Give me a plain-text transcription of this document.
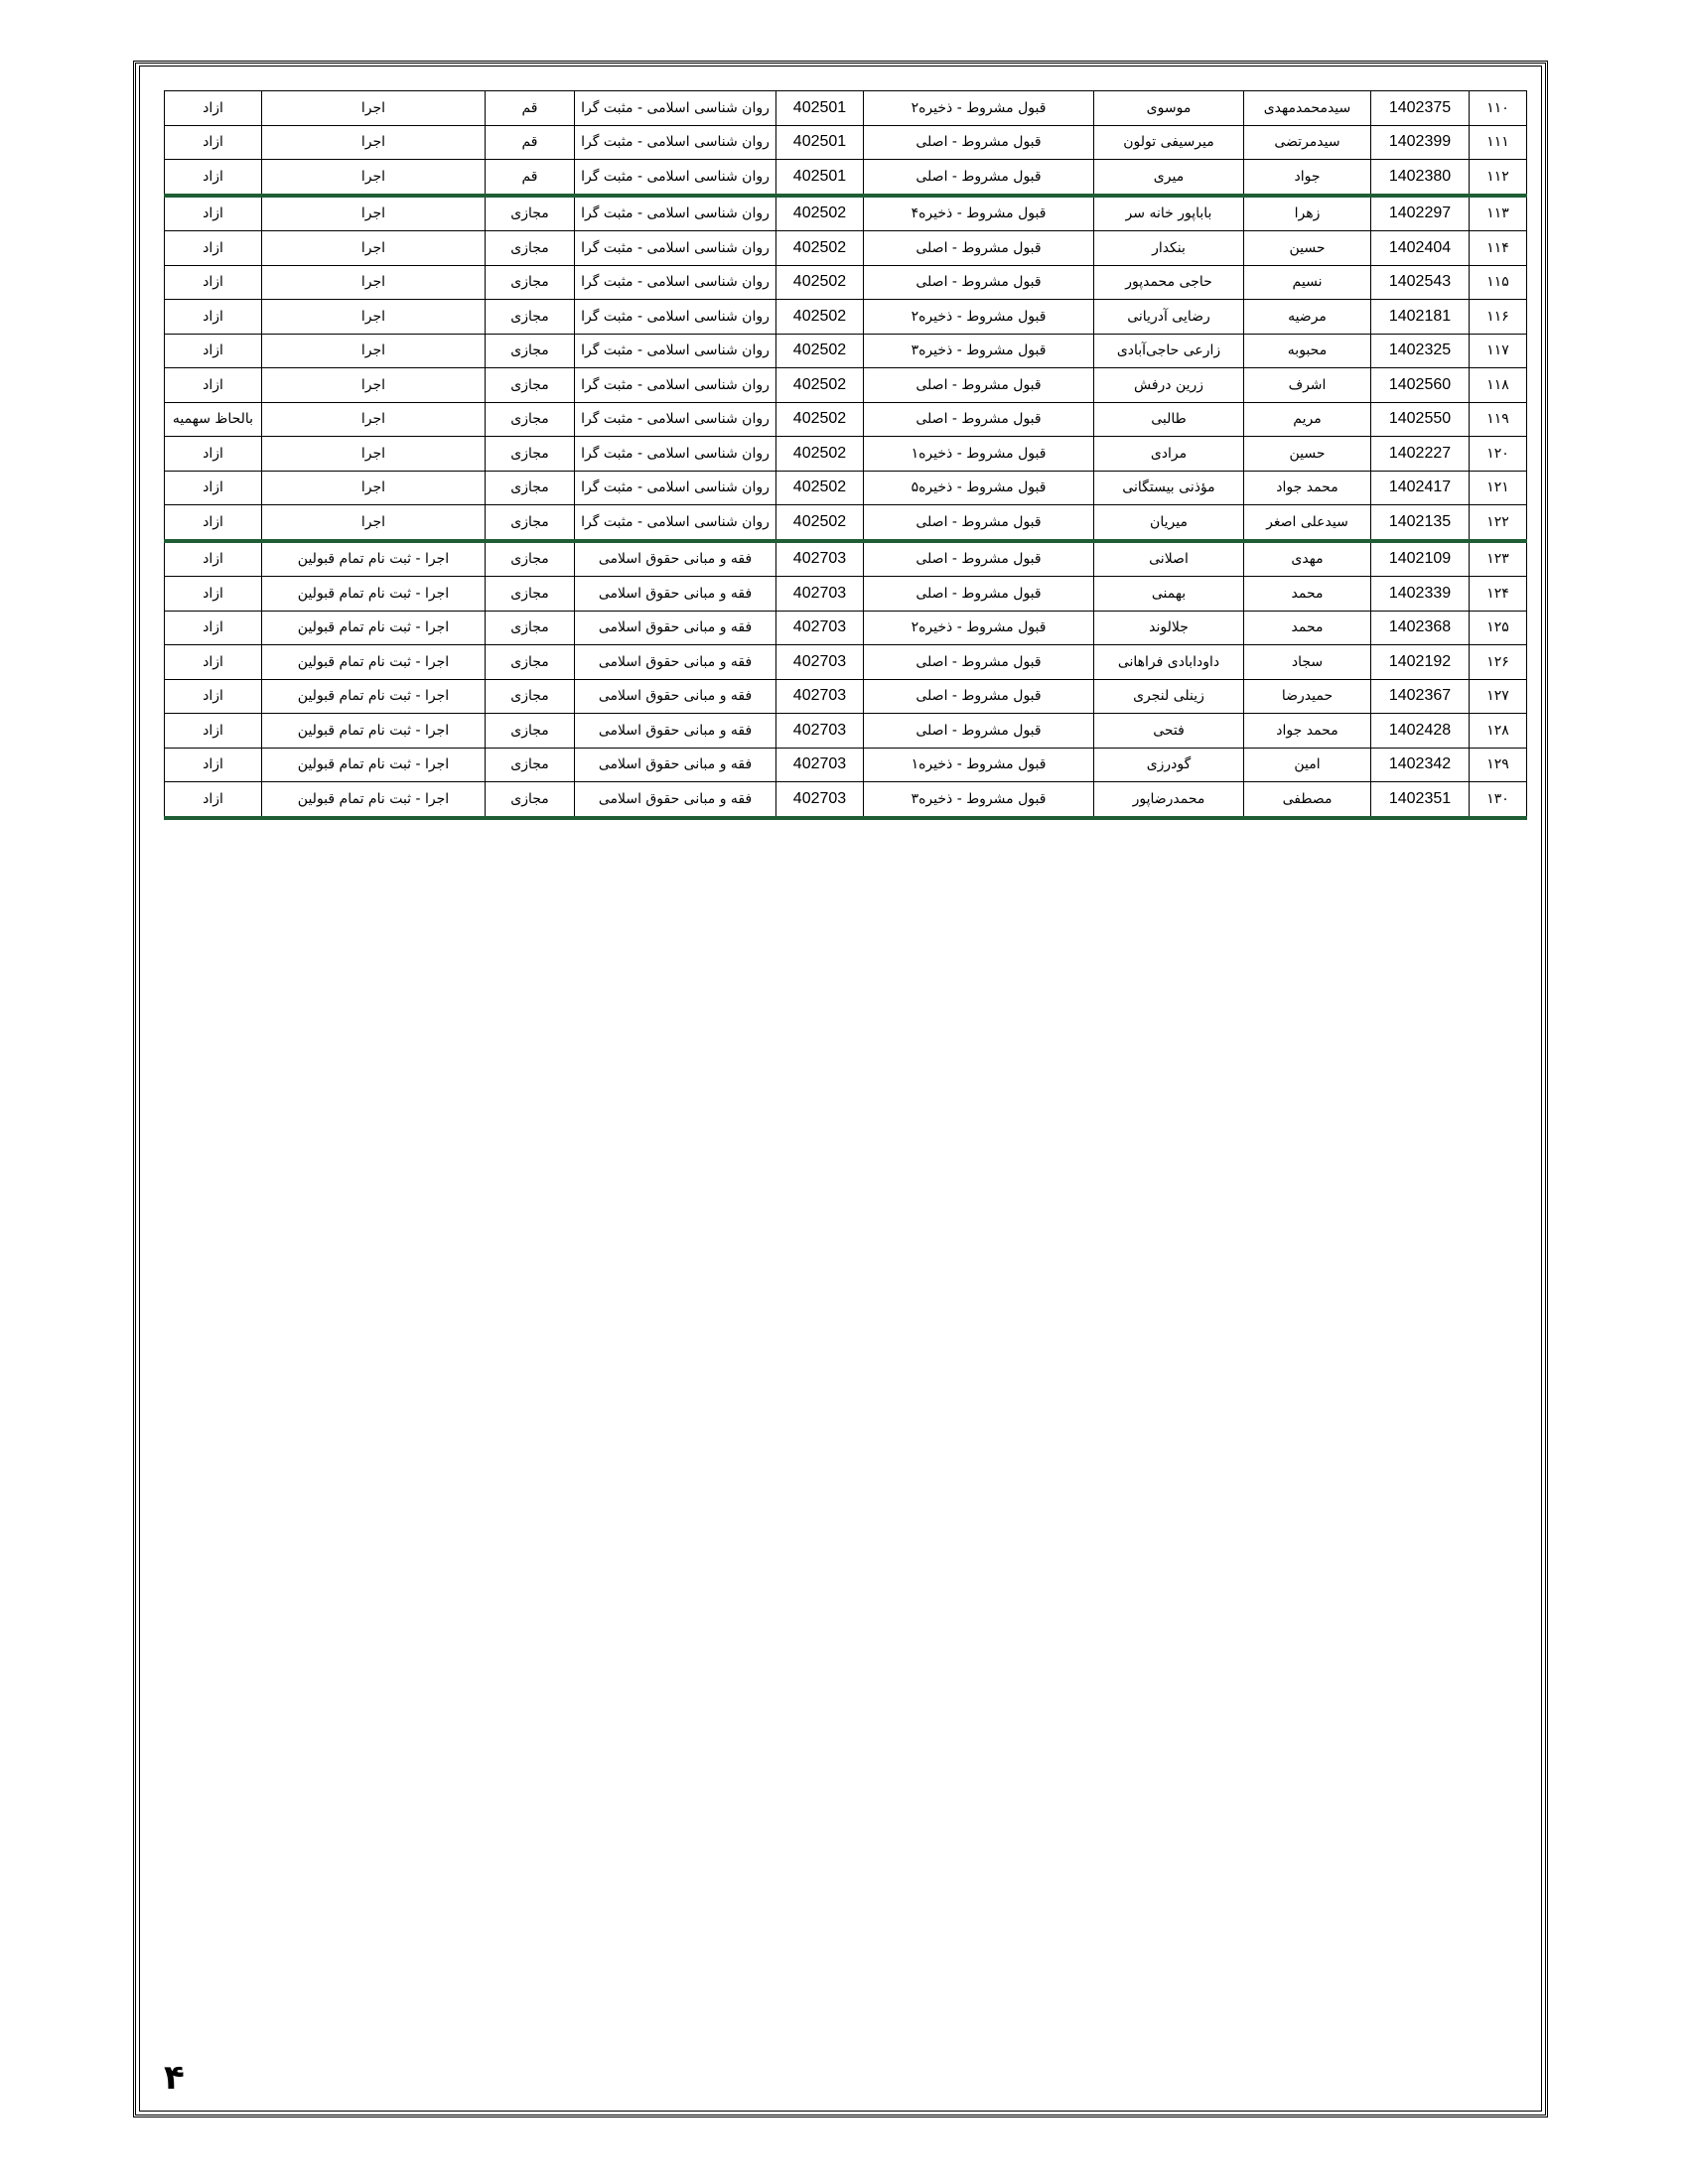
۱۱۰	1402375	سیدمحمدمهدی	موسوی	قبول مشروط - ذخیره۲	402501	روان شناسی اسلامی - مثبت گرا	قم	اجرا	ازاد
۱۱۱	1402399	سیدمرتضی	میرسیفی تولون	قبول مشروط - اصلی	402501	روان شناسی اسلامی - مثبت گرا	قم	اجرا	ازاد
۱۱۲	1402380	جواد	میری	قبول مشروط - اصلی	402501	روان شناسی اسلامی - مثبت گرا	قم	اجرا	ازاد
۱۱۳	1402297	زهرا	باباپور خانه سر	قبول مشروط - ذخیره۴	402502	روان شناسی اسلامی - مثبت گرا	مجازی	اجرا	ازاد
۱۱۴	1402404	حسین	بنکدار	قبول مشروط - اصلی	402502	روان شناسی اسلامی - مثبت گرا	مجازی	اجرا	ازاد
۱۱۵	1402543	نسیم	حاجی محمدپور	قبول مشروط - اصلی	402502	روان شناسی اسلامی - مثبت گرا	مجازی	اجرا	ازاد
۱۱۶	1402181	مرضیه	رضایی آدریانی	قبول مشروط - ذخیره۲	402502	روان شناسی اسلامی - مثبت گرا	مجازی	اجرا	ازاد
۱۱۷	1402325	محبوبه	زارعی حاجی‌آبادی	قبول مشروط - ذخیره۳	402502	روان شناسی اسلامی - مثبت گرا	مجازی	اجرا	ازاد
۱۱۸	1402560	اشرف	زرین درفش	قبول مشروط - اصلی	402502	روان شناسی اسلامی - مثبت گرا	مجازی	اجرا	ازاد
۱۱۹	1402550	مریم	طالبی	قبول مشروط - اصلی	402502	روان شناسی اسلامی - مثبت گرا	مجازی	اجرا	بالحاظ سهمیه
۱۲۰	1402227	حسین	مرادی	قبول مشروط - ذخیره۱	402502	روان شناسی اسلامی - مثبت گرا	مجازی	اجرا	ازاد
۱۲۱	1402417	محمد جواد	مؤذنی بیستگانی	قبول مشروط - ذخیره۵	402502	روان شناسی اسلامی - مثبت گرا	مجازی	اجرا	ازاد
۱۲۲	1402135	سیدعلی اصغر	میریان	قبول مشروط - اصلی	402502	روان شناسی اسلامی - مثبت گرا	مجازی	اجرا	ازاد
۱۲۳	1402109	مهدی	اصلانی	قبول مشروط - اصلی	402703	فقه و مبانی حقوق اسلامی	مجازی	اجرا - ثبت نام تمام قبولین	ازاد
۱۲۴	1402339	محمد	بهمنی	قبول مشروط - اصلی	402703	فقه و مبانی حقوق اسلامی	مجازی	اجرا - ثبت نام تمام قبولین	ازاد
۱۲۵	1402368	محمد	جلالوند	قبول مشروط - ذخیره۲	402703	فقه و مبانی حقوق اسلامی	مجازی	اجرا - ثبت نام تمام قبولین	ازاد
۱۲۶	1402192	سجاد	داودابادی فراهانی	قبول مشروط - اصلی	402703	فقه و مبانی حقوق اسلامی	مجازی	اجرا - ثبت نام تمام قبولین	ازاد
۱۲۷	1402367	حمیدرضا	زینلی لنجری	قبول مشروط - اصلی	402703	فقه و مبانی حقوق اسلامی	مجازی	اجرا - ثبت نام تمام قبولین	ازاد
۱۲۸	1402428	محمد جواد	فتحی	قبول مشروط - اصلی	402703	فقه و مبانی حقوق اسلامی	مجازی	اجرا - ثبت نام تمام قبولین	ازاد
۱۲۹	1402342	امین	گودرزی	قبول مشروط - ذخیره۱	402703	فقه و مبانی حقوق اسلامی	مجازی	اجرا - ثبت نام تمام قبولین	ازاد
۱۳۰	1402351	مصطفی	محمدرضاپور	قبول مشروط - ذخیره۳	402703	فقه و مبانی حقوق اسلامی	مجازی	اجرا - ثبت نام تمام قبولین	ازاد
۴
